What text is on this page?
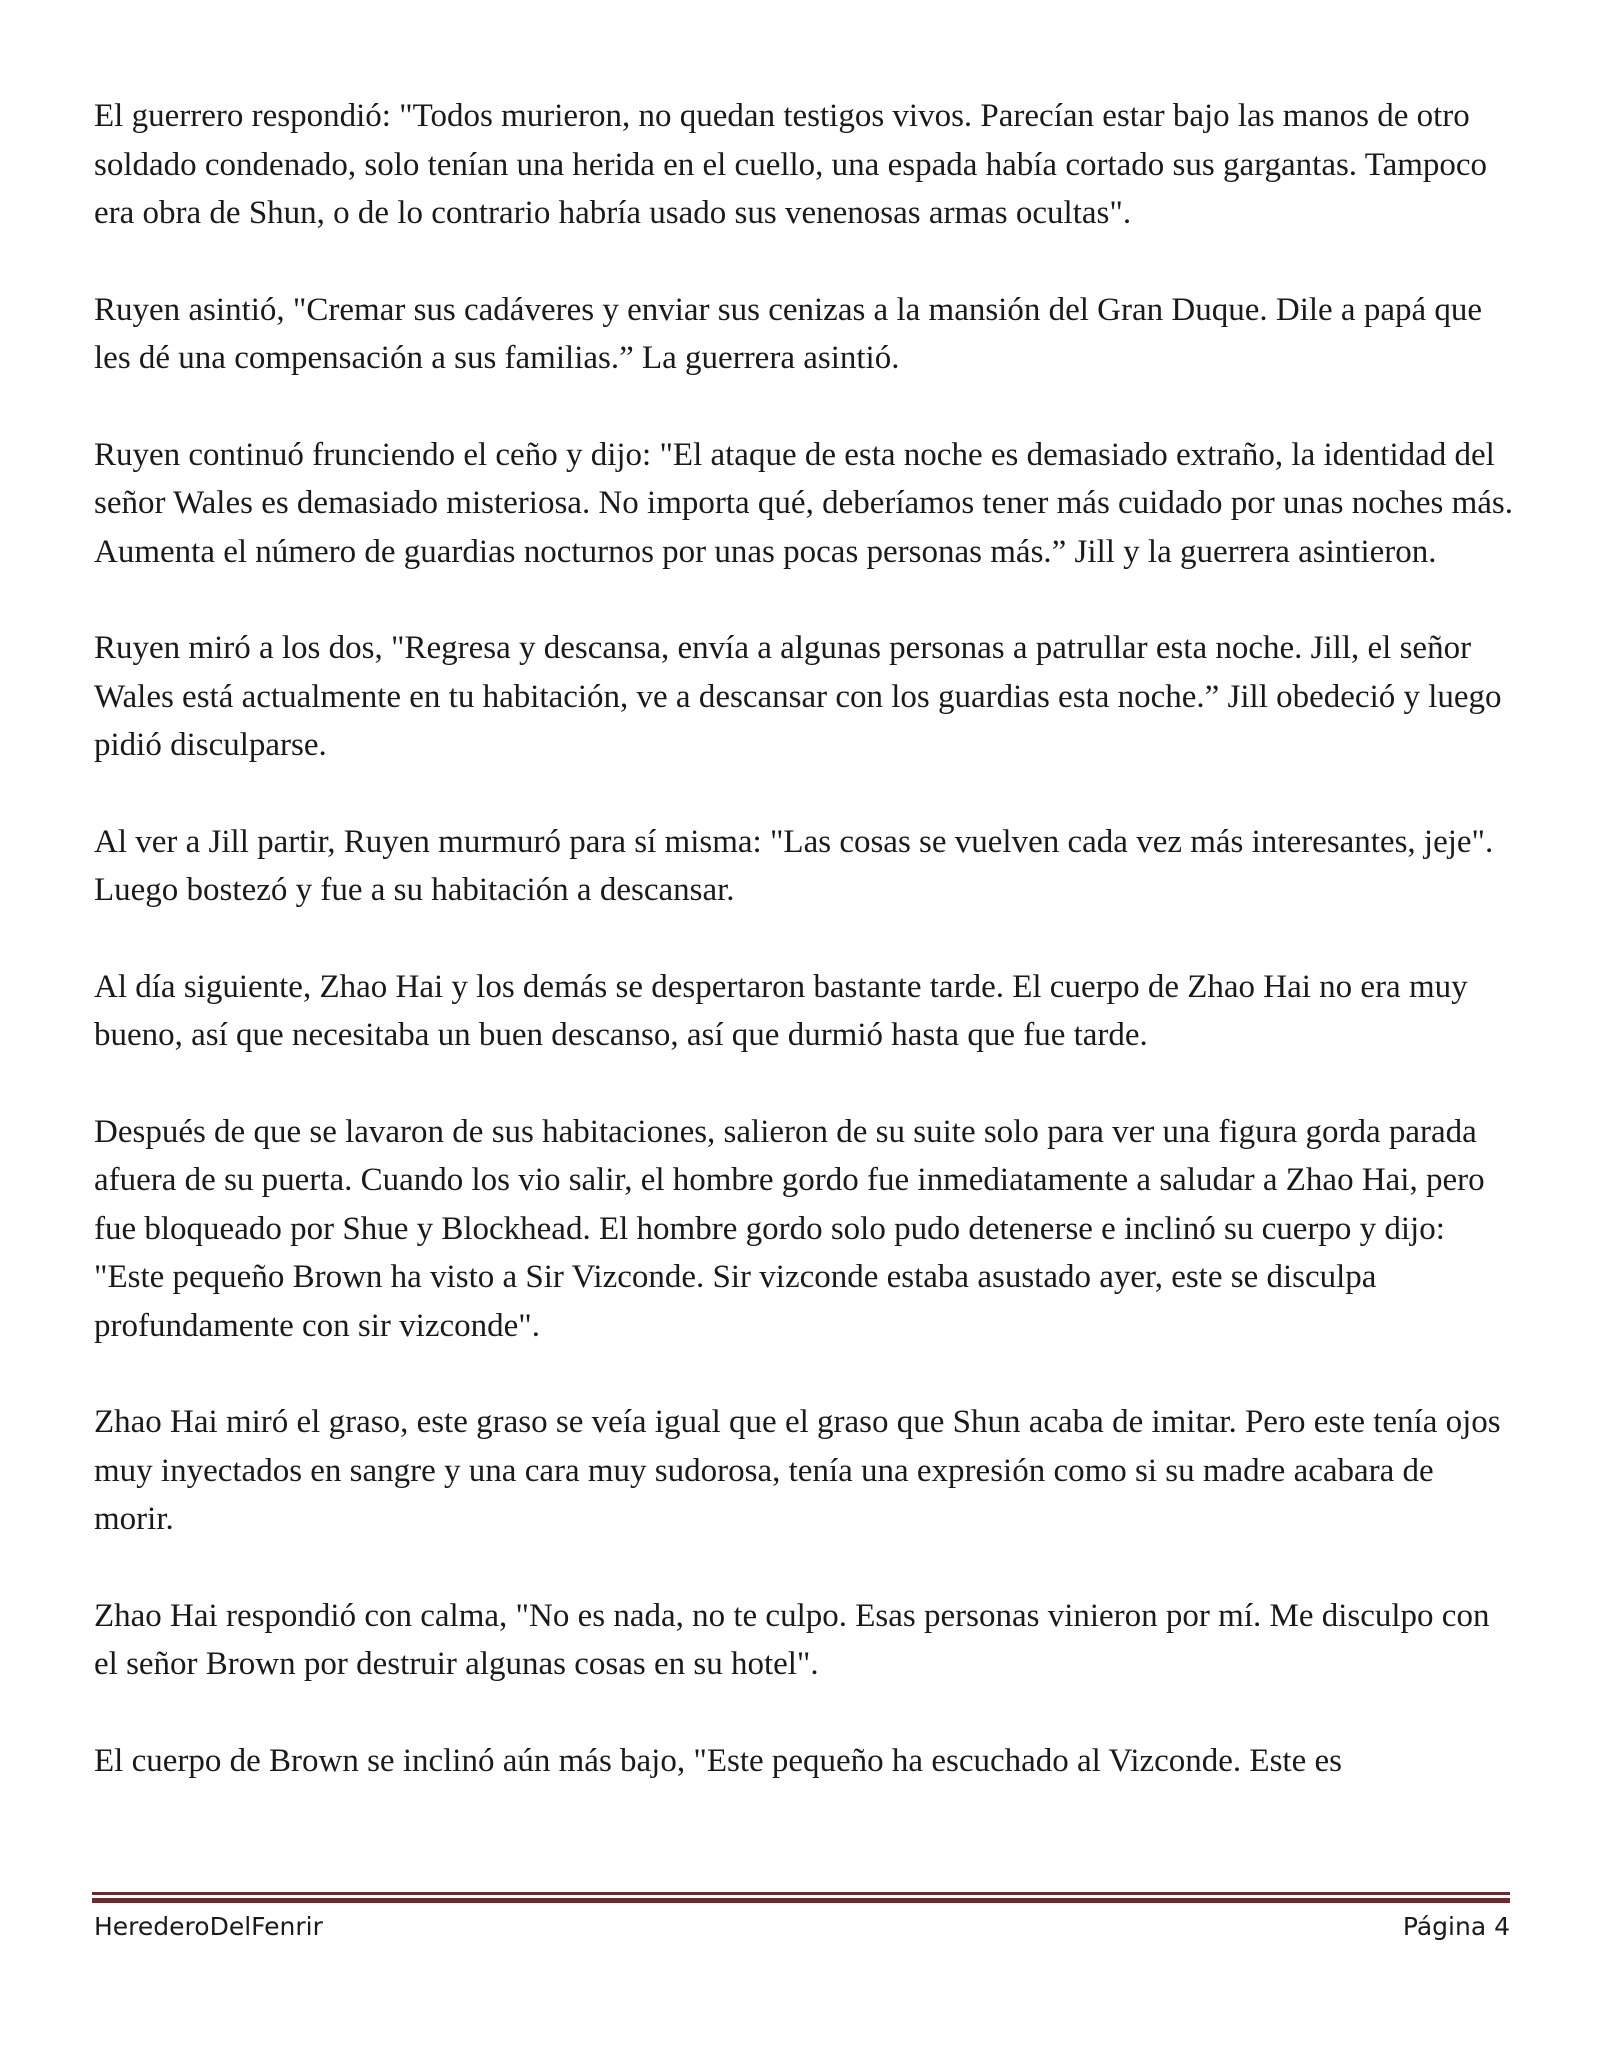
El guerrero respondió: "Todos murieron, no quedan testigos vivos. Parecían estar bajo las manos de otro soldado condenado, solo tenían una herida en el cuello, una espada había cortado sus gargantas. Tampoco era obra de Shun, o de lo contrario habría usado sus venenosas armas ocultas".

Ruyen asintió, "Cremar sus cadáveres y enviar sus cenizas a la mansión del Gran Duque. Dile a papá que les dé una compensación a sus familias.” La guerrera asintió.

Ruyen continuó frunciendo el ceño y dijo: "El ataque de esta noche es demasiado extraño, la identidad del señor Wales es demasiado misteriosa. No importa qué, deberíamos tener más cuidado por unas noches más. Aumenta el número de guardias nocturnos por unas pocas personas más.” Jill y la guerrera asintieron.

Ruyen miró a los dos, "Regresa y descansa, envía a algunas personas a patrullar esta noche. Jill, el señor Wales está actualmente en tu habitación, ve a descansar con los guardias esta noche.” Jill obedeció y luego pidió disculparse.

Al ver a Jill partir, Ruyen murmuró para sí misma: "Las cosas se vuelven cada vez más interesantes, jeje". Luego bostezó y fue a su habitación a descansar.

Al día siguiente, Zhao Hai y los demás se despertaron bastante tarde. El cuerpo de Zhao Hai no era muy bueno, así que necesitaba un buen descanso, así que durmió hasta que fue tarde.

Después de que se lavaron de sus habitaciones, salieron de su suite solo para ver una figura gorda parada afuera de su puerta. Cuando los vio salir, el hombre gordo fue inmediatamente a saludar a Zhao Hai, pero fue bloqueado por Shue y Blockhead. El hombre gordo solo pudo detenerse e inclinó su cuerpo y dijo: "Este pequeño Brown ha visto a Sir Vizconde. Sir vizconde estaba asustado ayer, este se disculpa profundamente con sir vizconde".

Zhao Hai miró el graso, este graso se veía igual que el graso que Shun acaba de imitar. Pero este tenía ojos muy inyectados en sangre y una cara muy sudorosa, tenía una expresión como si su madre acabara de morir.

Zhao Hai respondió con calma, "No es nada, no te culpo. Esas personas vinieron por mí. Me disculpo con el señor Brown por destruir algunas cosas en su hotel".

El cuerpo de Brown se inclinó aún más bajo, "Este pequeño ha escuchado al Vizconde. Este es

HerederoDelFenrir	Página 4
